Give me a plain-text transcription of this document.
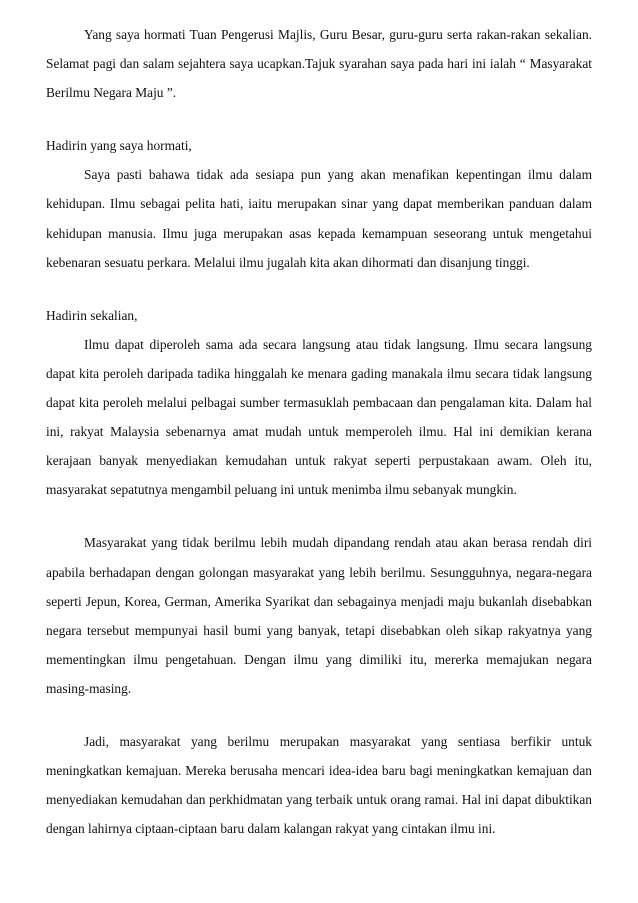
Yang saya hormati Tuan Pengerusi Majlis, Guru Besar, guru-guru serta rakan-rakan sekalian. Selamat pagi dan salam sejahtera saya ucapkan.Tajuk syarahan saya pada hari ini ialah “ Masyarakat Berilmu Negara Maju ”.

Hadirin yang saya hormati,

Saya pasti bahawa tidak ada sesiapa pun yang akan menafikan kepentingan ilmu dalam kehidupan. Ilmu sebagai pelita hati, iaitu merupakan sinar yang dapat memberikan panduan dalam kehidupan manusia. Ilmu juga merupakan asas kepada kemampuan seseorang untuk mengetahui kebenaran sesuatu perkara. Melalui ilmu jugalah kita akan dihormati dan disanjung tinggi.

Hadirin sekalian,

Ilmu dapat diperoleh sama ada secara langsung atau tidak langsung. Ilmu secara langsung dapat kita peroleh daripada tadika hinggalah ke menara gading manakala ilmu secara tidak langsung dapat kita peroleh melalui pelbagai sumber termasuklah pembacaan dan pengalaman kita. Dalam hal ini, rakyat Malaysia sebenarnya amat mudah untuk memperoleh ilmu. Hal ini demikian kerana kerajaan banyak menyediakan kemudahan untuk rakyat seperti perpustakaan awam. Oleh itu, masyarakat sepatutnya mengambil peluang ini untuk menimba ilmu sebanyak mungkin.

Masyarakat yang tidak berilmu lebih mudah dipandang rendah atau akan berasa rendah diri apabila berhadapan dengan golongan masyarakat yang lebih berilmu. Sesungguhnya, negara-negara seperti Jepun, Korea, German, Amerika Syarikat dan sebagainya menjadi maju bukanlah disebabkan negara tersebut mempunyai hasil bumi yang banyak, tetapi disebabkan oleh sikap rakyatnya yang mementingkan ilmu pengetahuan. Dengan ilmu yang dimiliki itu, mererka memajukan negara masing-masing.

Jadi, masyarakat yang berilmu merupakan masyarakat yang sentiasa berfikir untuk meningkatkan kemajuan. Mereka berusaha mencari idea-idea baru bagi meningkatkan kemajuan dan menyediakan kemudahan dan perkhidmatan yang terbaik untuk orang ramai. Hal ini dapat dibuktikan dengan lahirnya ciptaan-ciptaan baru dalam kalangan rakyat yang cintakan ilmu ini.
